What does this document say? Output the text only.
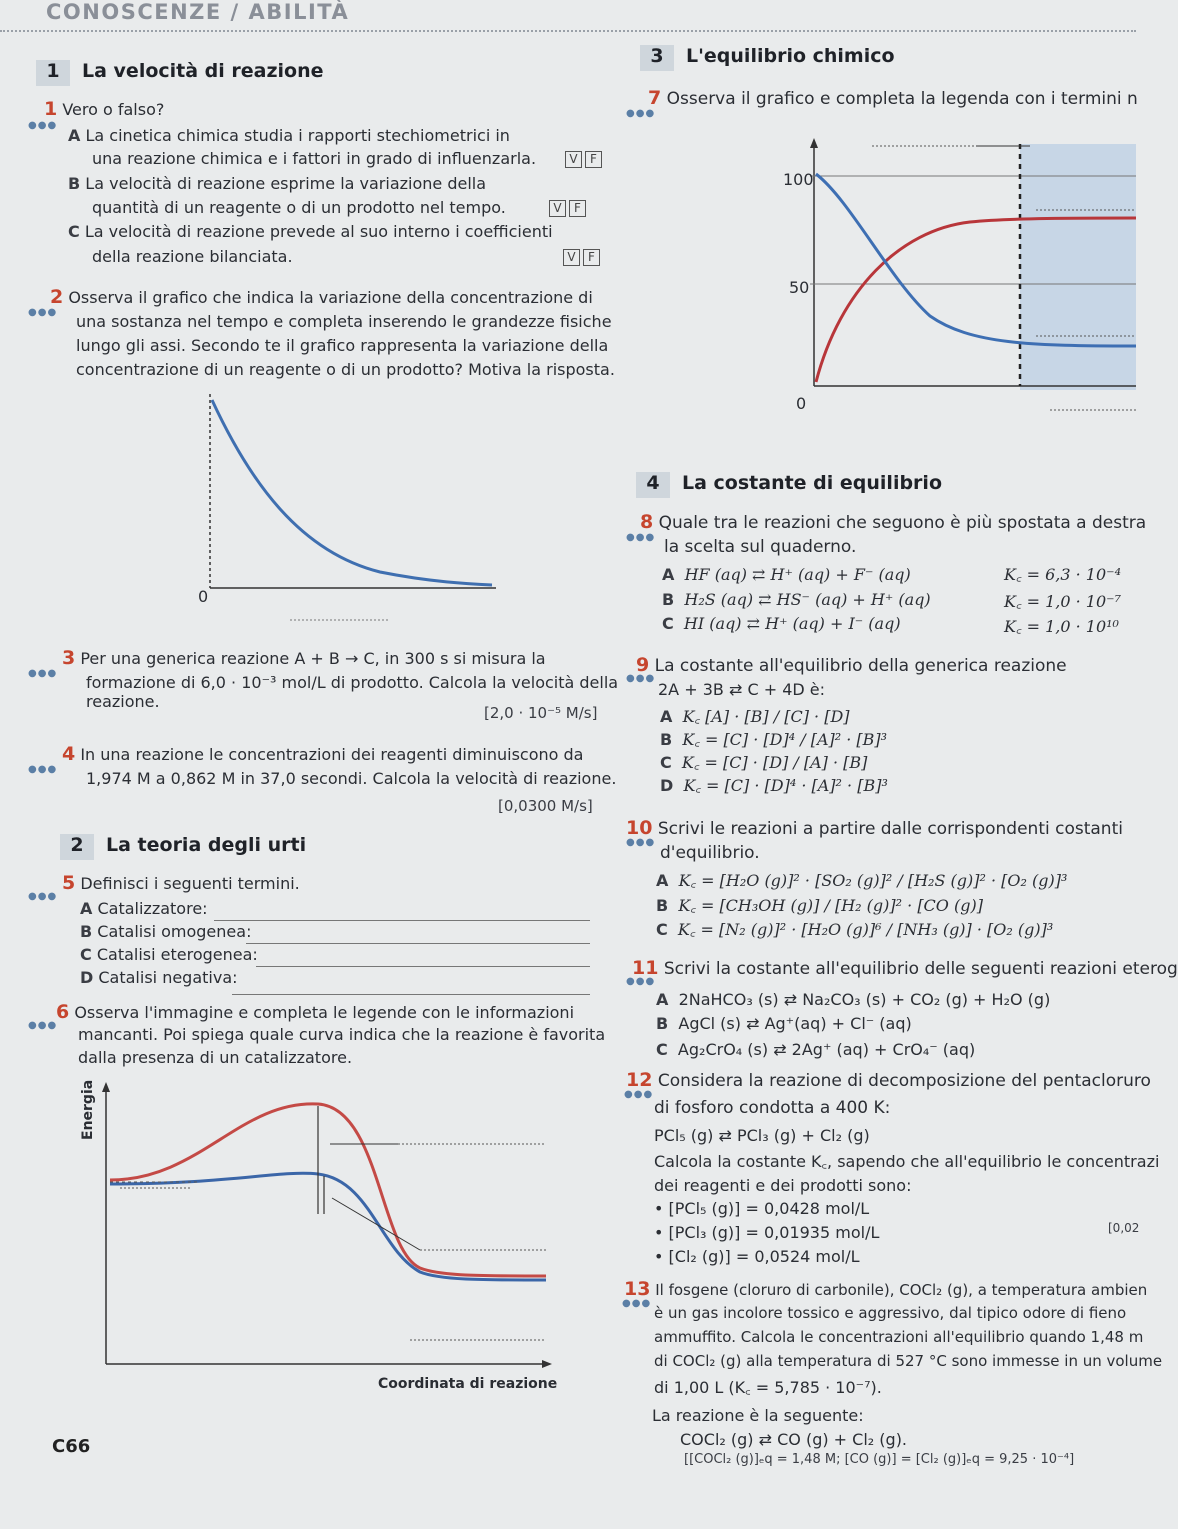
CONOSCENZE / ABILITÀ
1 La velocità di reazione
1 Vero o falso?
●●●
A La cinetica chimica studia i rapporti stechiometrici in
una reazione chimica e i fattori in grado di influenzarla.	V F
B La velocità di reazione esprime la variazione della
quantità di un reagente o di un prodotto nel tempo.	V F
C La velocità di reazione prevede al suo interno i coefficienti
della reazione bilanciata.	V F
2 Osserva il grafico che indica la variazione della concentrazione di
●●● una sostanza nel tempo e completa inserendo le grandezze fisiche
lungo gli assi. Secondo te il grafico rappresenta la variazione della
concentrazione di un reagente o di un prodotto? Motiva la risposta.
0
3 Per una generica reazione A + B → C, in 300 s si misura la
●●● formazione di 6,0 · 10⁻³ mol/L di prodotto. Calcola la velocità della
reazione.
[2,0 · 10⁻⁵ M/s]
4 In una reazione le concentrazioni dei reagenti diminuiscono da
●●● 1,974 M a 0,862 M in 37,0 secondi. Calcola la velocità di reazione.
[0,0300 M/s]
2 La teoria degli urti
5 Definisci i seguenti termini.
●●●
A Catalizzatore:
B Catalisi omogenea:
C Catalisi eterogenea:
D Catalisi negativa:
6 Osserva l'immagine e completa le legende con le informazioni
●●● mancanti. Poi spiega quale curva indica che la reazione è favorita
dalla presenza di un catalizzatore.
Energia
Coordinata di reazione
C66
3 L'equilibrio chimico
7 Osserva il grafico e completa la legenda con i termini n
●●●
100
50
0
4 La costante di equilibrio
8 Quale tra le reazioni che seguono è più spostata a destra
●●● la scelta sul quaderno.
A HF (aq) ⇄ H⁺ (aq) + F⁻ (aq)	K꜀ = 6,3 · 10⁻⁴
B H₂S (aq) ⇄ HS⁻ (aq) + H⁺ (aq)	K꜀ = 1,0 · 10⁻⁷
C HI (aq) ⇄ H⁺ (aq) + I⁻ (aq)	K꜀ = 1,0 · 10¹⁰
9 La costante all'equilibrio della generica reazione
●●●
2A + 3B ⇄ C + 4D è:
A K꜀ [A] · [B] / [C] · [D]
B K꜀ = [C] · [D]⁴ / [A]² · [B]³
C K꜀ = [C] · [D] / [A] · [B]
D K꜀ = [C] · [D]⁴ · [A]² · [B]³
10 Scrivi le reazioni a partire dalle corrispondenti costanti
●●●
d'equilibrio.
A K꜀ = [H₂O (g)]² · [SO₂ (g)]² / [H₂S (g)]² · [O₂ (g)]³
B K꜀ = [CH₃OH (g)] / [H₂ (g)]² · [CO (g)]
C K꜀ = [N₂ (g)]² · [H₂O (g)]⁶ / [NH₃ (g)] · [O₂ (g)]³
11 Scrivi la costante all'equilibrio delle seguenti reazioni eterog
●●●
A 2NaHCO₃ (s) ⇄ Na₂CO₃ (s) + CO₂ (g) + H₂O (g)
B AgCl (s) ⇄ Ag⁺(aq) + Cl⁻ (aq)
C Ag₂CrO₄ (s) ⇄ 2Ag⁺ (aq) + CrO₄⁻ (aq)
12 Considera la reazione di decomposizione del pentacloruro
●●●
di fosforo condotta a 400 K:
PCl₅ (g) ⇄ PCl₃ (g) + Cl₂ (g)
Calcola la costante K꜀, sapendo che all'equilibrio le concentrazi
dei reagenti e dei prodotti sono:
• [PCl₅ (g)] = 0,0428 mol/L
• [PCl₃ (g)] = 0,01935 mol/L
• [Cl₂ (g)] = 0,0524 mol/L
[0,02
13 Il fosgene (cloruro di carbonile), COCl₂ (g), a temperatura ambien
●●●
è un gas incolore tossico e aggressivo, dal tipico odore di fieno
ammuffito. Calcola le concentrazioni all'equilibrio quando 1,48 m
di COCl₂ (g) alla temperatura di 527 °C sono immesse in un volume
di 1,00 L (K꜀ = 5,785 · 10⁻⁷).
La reazione è la seguente:
COCl₂ (g) ⇄ CO (g) + Cl₂ (g).
[[COCl₂ (g)]ₑq = 1,48 M; [CO (g)] = [Cl₂ (g)]ₑq = 9,25 · 10⁻⁴]
